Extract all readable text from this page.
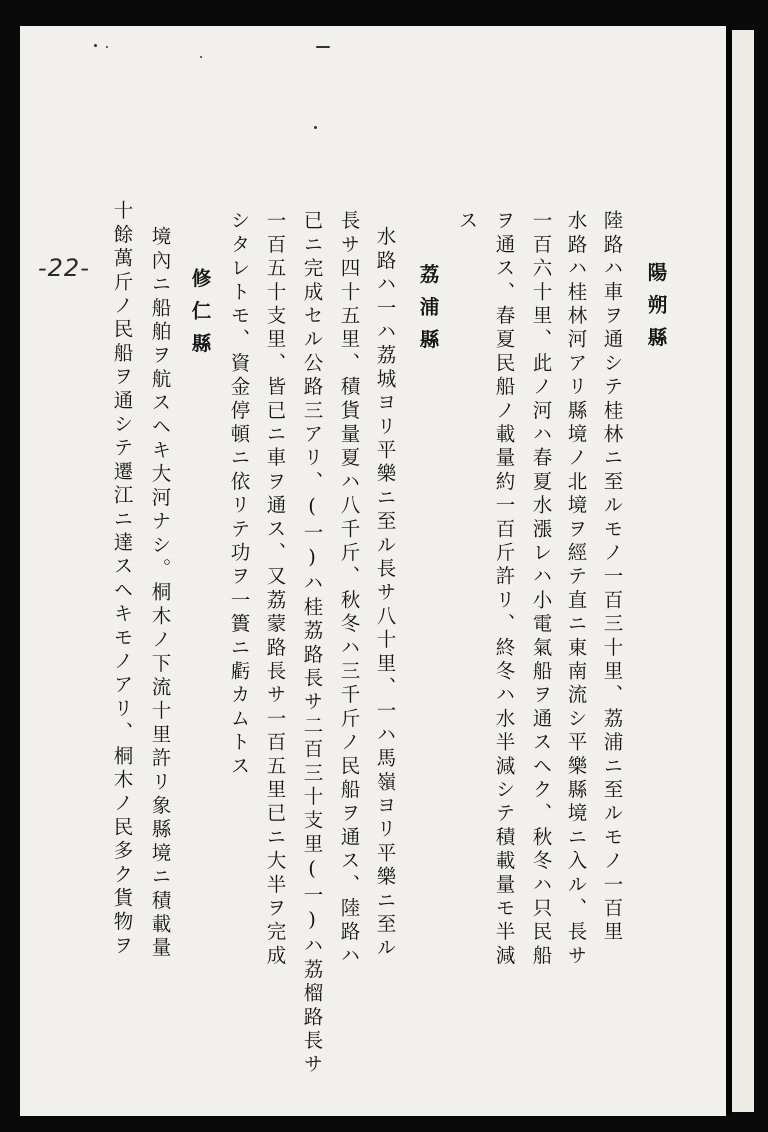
-22-	陽朔縣
陸路ハ車ヲ通シテ桂林ニ至ルモノ一百三十里、荔浦ニ至ルモノ一百里
水路ハ桂林河アリ縣境ノ北境ヲ經テ直ニ東南流シ平樂縣境ニ入ル、長サ
一百六十里、此ノ河ハ春夏水漲レハ小電氣船ヲ通スヘク、秋冬ハ只民船
ヲ通ス、春夏民船ノ載量約一百斤許リ、終冬ハ水半減シテ積載量モ半減
ス
荔浦縣
水路ハ一ハ荔城ヨリ平樂ニ至ル長サ八十里、一ハ馬嶺ヨリ平樂ニ至ル
長サ四十五里、積貨量夏ハ八千斤、秋冬ハ三千斤ノ民船ヲ通ス、陸路ハ
已ニ完成セル公路三アリ、(一)ハ桂荔路長サ二百三十支里(一)ハ荔榴路長サ
一百五十支里、皆已ニ車ヲ通ス、又荔蒙路長サ一百五里已ニ大半ヲ完成
シタレトモ、資金停頓ニ依リテ功ヲ一簣ニ虧カムトス
修仁縣
境內ニ船舶ヲ航スヘキ大河ナシ。桐木ノ下流十里許リ象縣境ニ積載量
十餘萬斤ノ民船ヲ通シテ遷江ニ達スヘキモノアリ、桐木ノ民多ク貨物ヲ
